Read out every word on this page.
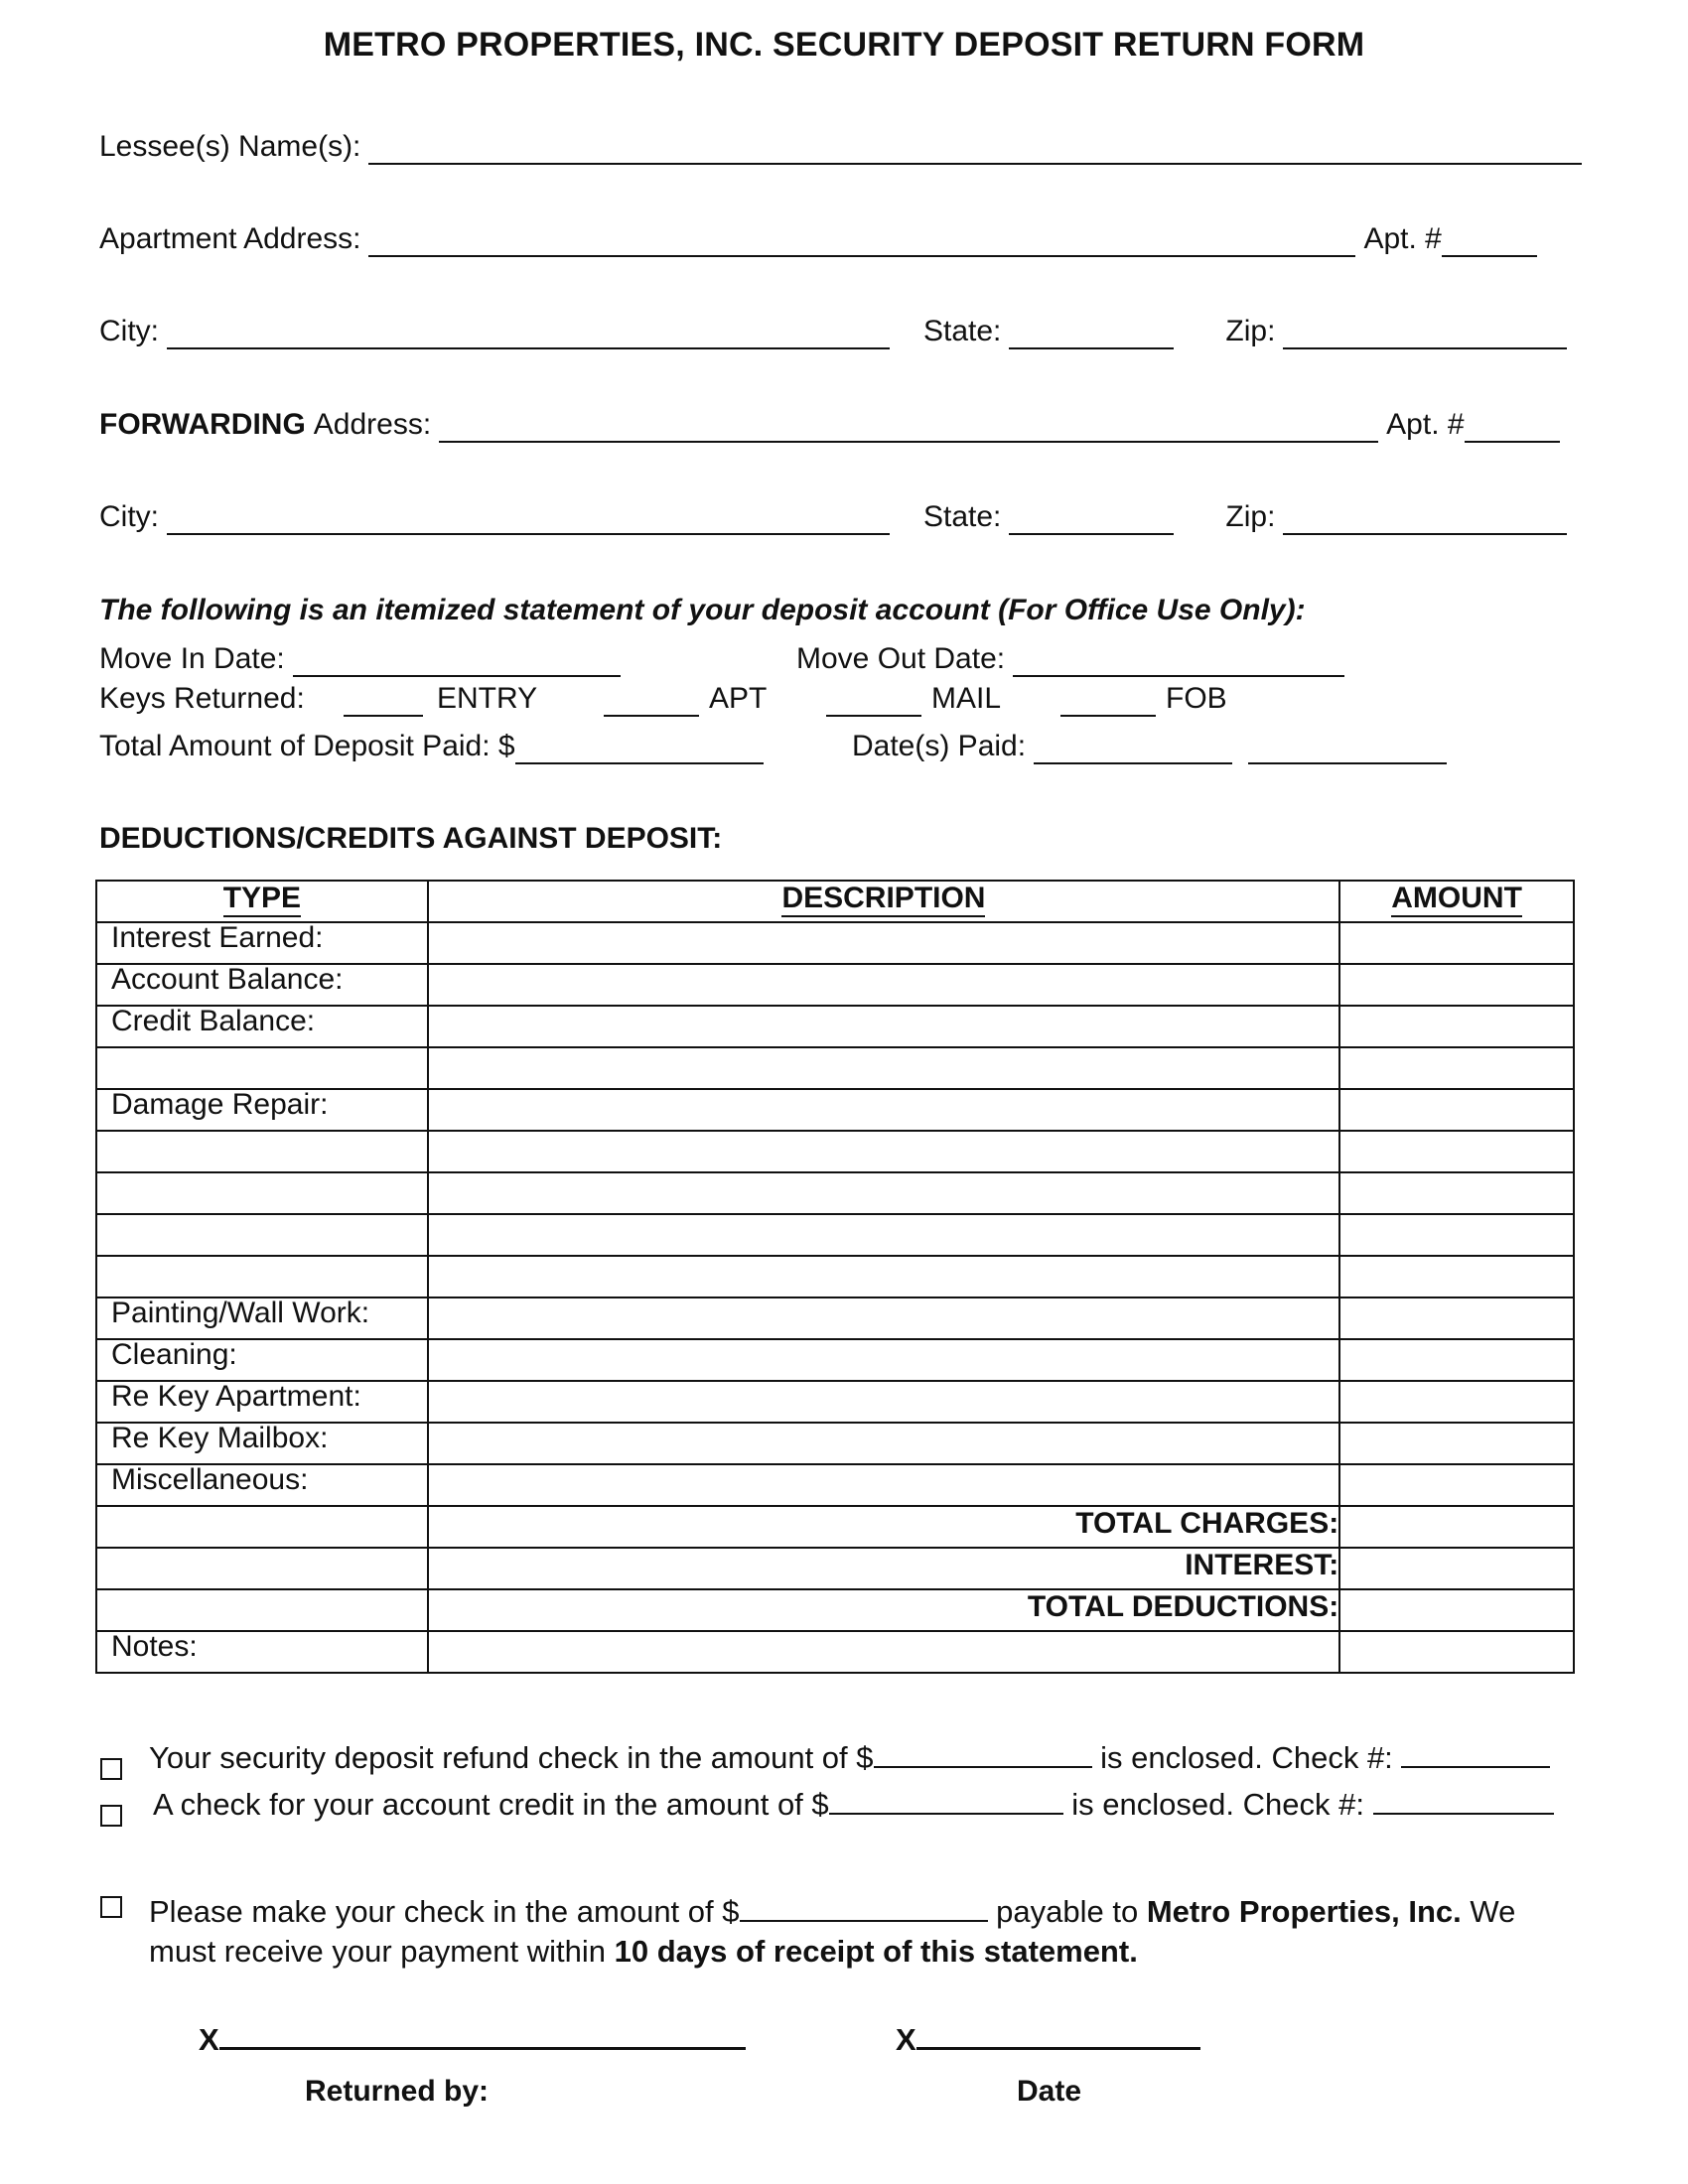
METRO PROPERTIES, INC. SECURITY DEPOSIT RETURN FORM
Lessee(s) Name(s):
Apartment Address:	Apt. #
City:	State:	Zip:
FORWARDING Address:	Apt. #
City:	State:	Zip:
The following is an itemized statement of your deposit account (For Office Use Only):
Move In Date:	Move Out Date:
Keys Returned:	ENTRY	APT	MAIL	FOB
Total Amount of Deposit Paid: $	Date(s) Paid:
DEDUCTIONS/CREDITS AGAINST DEPOSIT:
TYPE	DESCRIPTION	AMOUNT
Interest Earned:		
Account Balance:		
Credit Balance:		

Damage Repair:		

Painting/Wall Work:		
Cleaning:		
Re Key Apartment:		
Re Key Mailbox:		
Miscellaneous:		
	TOTAL CHARGES:	
	INTEREST:	
	TOTAL DEDUCTIONS:	
Notes:		
Your security deposit refund check in the amount of $	is enclosed. Check #:
A check for your account credit in the amount of $	is enclosed. Check #:
Please make your check in the amount of $	payable to Metro Properties, Inc. We
must receive your payment within 10 days of receipt of this statement.
X	X
Returned by:	Date
